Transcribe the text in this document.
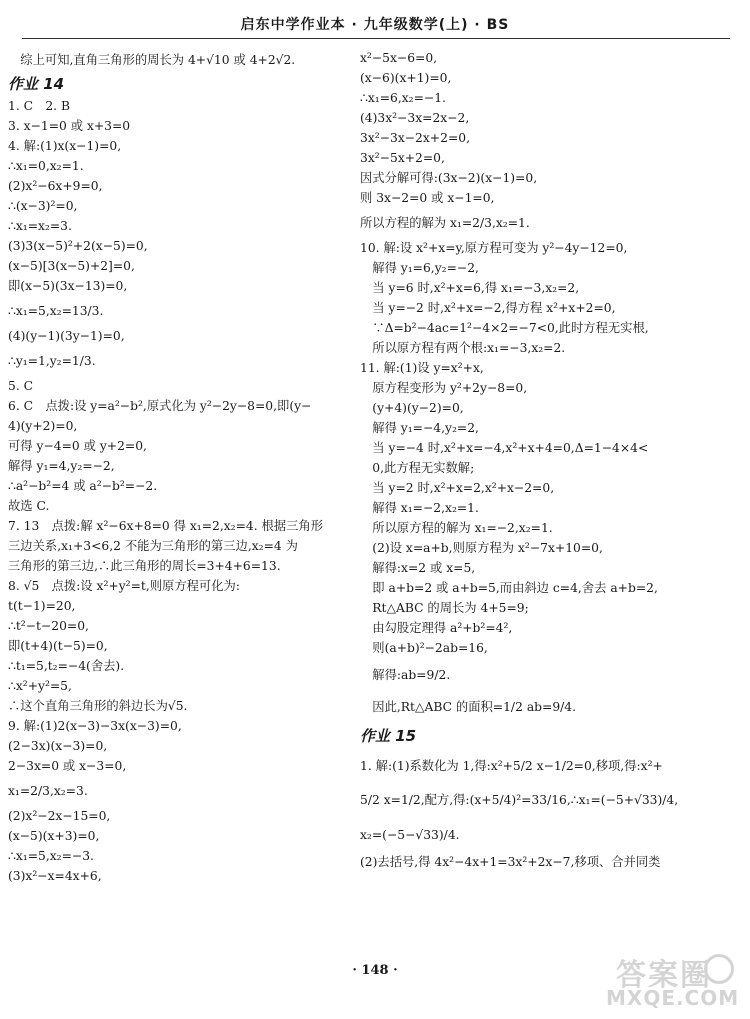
启东中学作业本 · 九年级数学(上) · BS
　综上可知,直角三角形的周长为 4+√10 或 4+2√2.
作业 14
1. C　2. B
3. x−1=0 或 x+3=0
4. 解:(1)x(x−1)=0,
∴x₁=0,x₂=1.
(2)x²−6x+9=0,
∴(x−3)²=0,
∴x₁=x₂=3.
(3)3(x−5)²+2(x−5)=0,
(x−5)[3(x−5)+2]=0,
即(x−5)(3x−13)=0,
∴x₁=5,x₂=13/3.
(4)(y−1)(3y−1)=0,
∴y₁=1,y₂=1/3.
5. C
6. C　点拨:设 y=a²−b²,原式化为 y²−2y−8=0,即(y−
4)(y+2)=0,
可得 y−4=0 或 y+2=0,
解得 y₁=4,y₂=−2,
∴a²−b²=4 或 a²−b²=−2.
故选 C.
7. 13　点拨:解 x²−6x+8=0 得 x₁=2,x₂=4. 根据三角形
三边关系,x₁+3<6,2 不能为三角形的第三边,x₂=4 为
三角形的第三边,∴此三角形的周长=3+4+6=13.
8. √5　点拨:设 x²+y²=t,则原方程可化为:
t(t−1)=20,
∴t²−t−20=0,
即(t+4)(t−5)=0,
∴t₁=5,t₂=−4(舍去).
∴x²+y²=5,
∴这个直角三角形的斜边长为√5.
9. 解:(1)2(x−3)−3x(x−3)=0,
(2−3x)(x−3)=0,
2−3x=0 或 x−3=0,
x₁=2/3,x₂=3.
(2)x²−2x−15=0,
(x−5)(x+3)=0,
∴x₁=5,x₂=−3.
(3)x²−x=4x+6,
x²−5x−6=0,
(x−6)(x+1)=0,
∴x₁=6,x₂=−1.
(4)3x²−3x=2x−2,
3x²−3x−2x+2=0,
3x²−5x+2=0,
因式分解可得:(3x−2)(x−1)=0,
则 3x−2=0 或 x−1=0,
所以方程的解为 x₁=2/3,x₂=1.
10. 解:设 x²+x=y,原方程可变为 y²−4y−12=0,
　解得 y₁=6,y₂=−2,
　当 y=6 时,x²+x=6,得 x₁=−3,x₂=2,
　当 y=−2 时,x²+x=−2,得方程 x²+x+2=0,
　∵Δ=b²−4ac=1²−4×2=−7<0,此时方程无实根,
　所以原方程有两个根:x₁=−3,x₂=2.
11. 解:(1)设 y=x²+x,
　原方程变形为 y²+2y−8=0,
　(y+4)(y−2)=0,
　解得 y₁=−4,y₂=2,
　当 y=−4 时,x²+x=−4,x²+x+4=0,Δ=1−4×4<
　0,此方程无实数解;
　当 y=2 时,x²+x=2,x²+x−2=0,
　解得 x₁=−2,x₂=1.
　所以原方程的解为 x₁=−2,x₂=1.
　(2)设 x=a+b,则原方程为 x²−7x+10=0,
　解得:x=2 或 x=5,
　即 a+b=2 或 a+b=5,而由斜边 c=4,舍去 a+b=2,
　Rt△ABC 的周长为 4+5=9;
　由勾股定理得 a²+b²=4²,
　则(a+b)²−2ab=16,
　解得:ab=9/2.
　因此,Rt△ABC 的面积=1/2 ab=9/4.
作业 15
1. 解:(1)系数化为 1,得:x²+5/2 x−1/2=0,移项,得:x²+
5/2 x=1/2,配方,得:(x+5/4)²=33/16,∴x₁=(−5+√33)/4,
x₂=(−5−√33)/4.
(2)去括号,得 4x²−4x+1=3x²+2x−7,移项、合并同类
· 148 ·	答案圈
MXQE.COM
